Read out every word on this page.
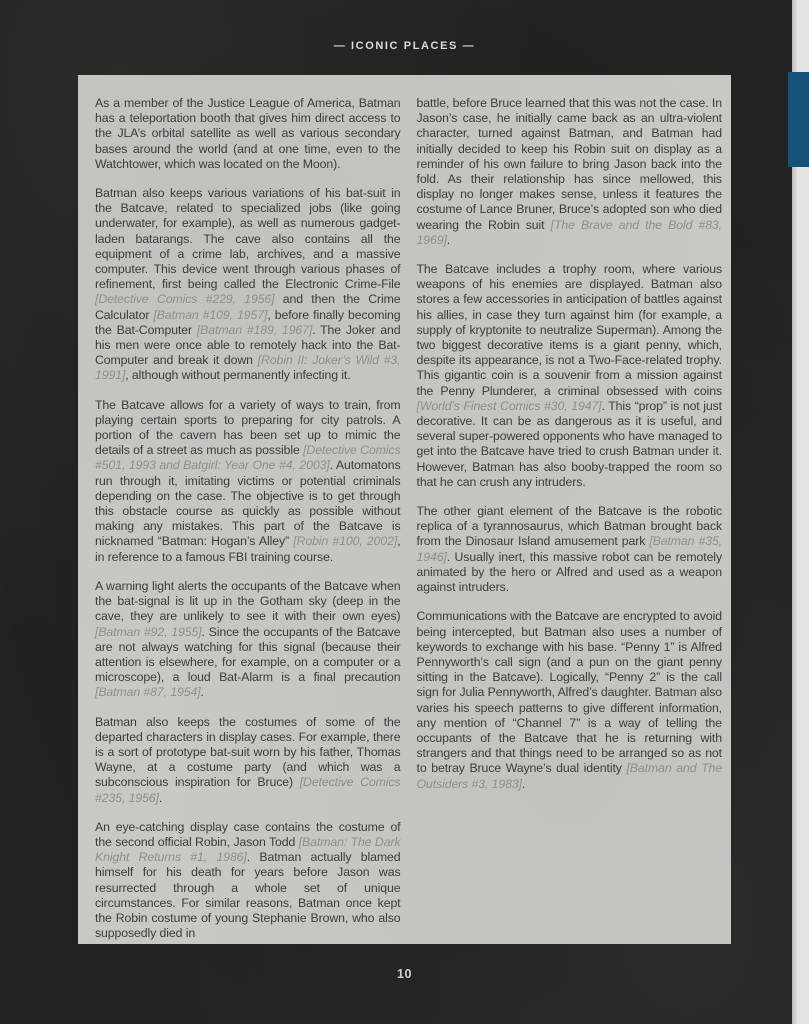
— ICONIC PLACES —

As a member of the Justice League of America, Batman has a teleportation booth that gives him direct access to the JLA’s orbital satellite as well as various secondary bases around the world (and at one time, even to the Watchtower, which was located on the Moon).

Batman also keeps various variations of his bat-suit in the Batcave, related to specialized jobs (like going underwater, for example), as well as numerous gadget-laden batarangs. The cave also contains all the equipment of a crime lab, archives, and a massive computer. This device went through various phases of refinement, first being called the Electronic Crime-File [Detective Comics #229, 1956] and then the Crime Calculator [Batman #109, 1957], before finally becoming the Bat-Computer [Batman #189, 1967]. The Joker and his men were once able to remotely hack into the Bat-Computer and break it down [Robin II: Joker’s Wild #3, 1991], although without permanently infecting it.

The Batcave allows for a variety of ways to train, from playing certain sports to preparing for city patrols. A portion of the cavern has been set up to mimic the details of a street as much as possible [Detective Comics #501, 1993 and Batgirl: Year One #4, 2003]. Automatons run through it, imitating victims or potential criminals depending on the case. The objective is to get through this obstacle course as quickly as possible without making any mistakes. This part of the Batcave is nicknamed “Batman: Hogan’s Alley” [Robin #100, 2002], in reference to a famous FBI training course.

A warning light alerts the occupants of the Batcave when the bat-signal is lit up in the Gotham sky (deep in the cave, they are unlikely to see it with their own eyes) [Batman #92, 1955]. Since the occupants of the Batcave are not always watching for this signal (because their attention is elsewhere, for example, on a computer or a microscope), a loud Bat-Alarm is a final precaution [Batman #87, 1954].

Batman also keeps the costumes of some of the departed characters in display cases. For example, there is a sort of prototype bat-suit worn by his father, Thomas Wayne, at a costume party (and which was a subconscious inspiration for Bruce) [Detective Comics #235, 1956].

An eye-catching display case contains the costume of the second official Robin, Jason Todd [Batman: The Dark Knight Returns #1, 1986]. Batman actually blamed himself for his death for years before Jason was resurrected through a whole set of unique circumstances. For similar reasons, Batman once kept the Robin costume of young Stephanie Brown, who also supposedly died in

battle, before Bruce learned that this was not the case. In Jason’s case, he initially came back as an ultra-violent character, turned against Batman, and Batman had initially decided to keep his Robin suit on display as a reminder of his own failure to bring Jason back into the fold. As their relationship has since mellowed, this display no longer makes sense, unless it features the costume of Lance Bruner, Bruce’s adopted son who died wearing the Robin suit [The Brave and the Bold #83, 1969].

The Batcave includes a trophy room, where various weapons of his enemies are displayed. Batman also stores a few accessories in anticipation of battles against his allies, in case they turn against him (for example, a supply of kryptonite to neutralize Superman). Among the two biggest decorative items is a giant penny, which, despite its appearance, is not a Two-Face-related trophy. This gigantic coin is a souvenir from a mission against the Penny Plunderer, a criminal obsessed with coins [World’s Finest Comics #30, 1947]. This “prop” is not just decorative. It can be as dangerous as it is useful, and several super-powered opponents who have managed to get into the Batcave have tried to crush Batman under it. However, Batman has also booby-trapped the room so that he can crush any intruders.

The other giant element of the Batcave is the robotic replica of a tyrannosaurus, which Batman brought back from the Dinosaur Island amusement park [Batman #35, 1946]. Usually inert, this massive robot can be remotely animated by the hero or Alfred and used as a weapon against intruders.

Communications with the Batcave are encrypted to avoid being intercepted, but Batman also uses a number of keywords to exchange with his base. “Penny 1” is Alfred Pennyworth’s call sign (and a pun on the giant penny sitting in the Batcave). Logically, “Penny 2” is the call sign for Julia Pennyworth, Alfred’s daughter. Batman also varies his speech patterns to give different information, any mention of “Channel 7” is a way of telling the occupants of the Batcave that he is returning with strangers and that things need to be arranged so as not to betray Bruce Wayne’s dual identity [Batman and The Outsiders #3, 1983].

10
